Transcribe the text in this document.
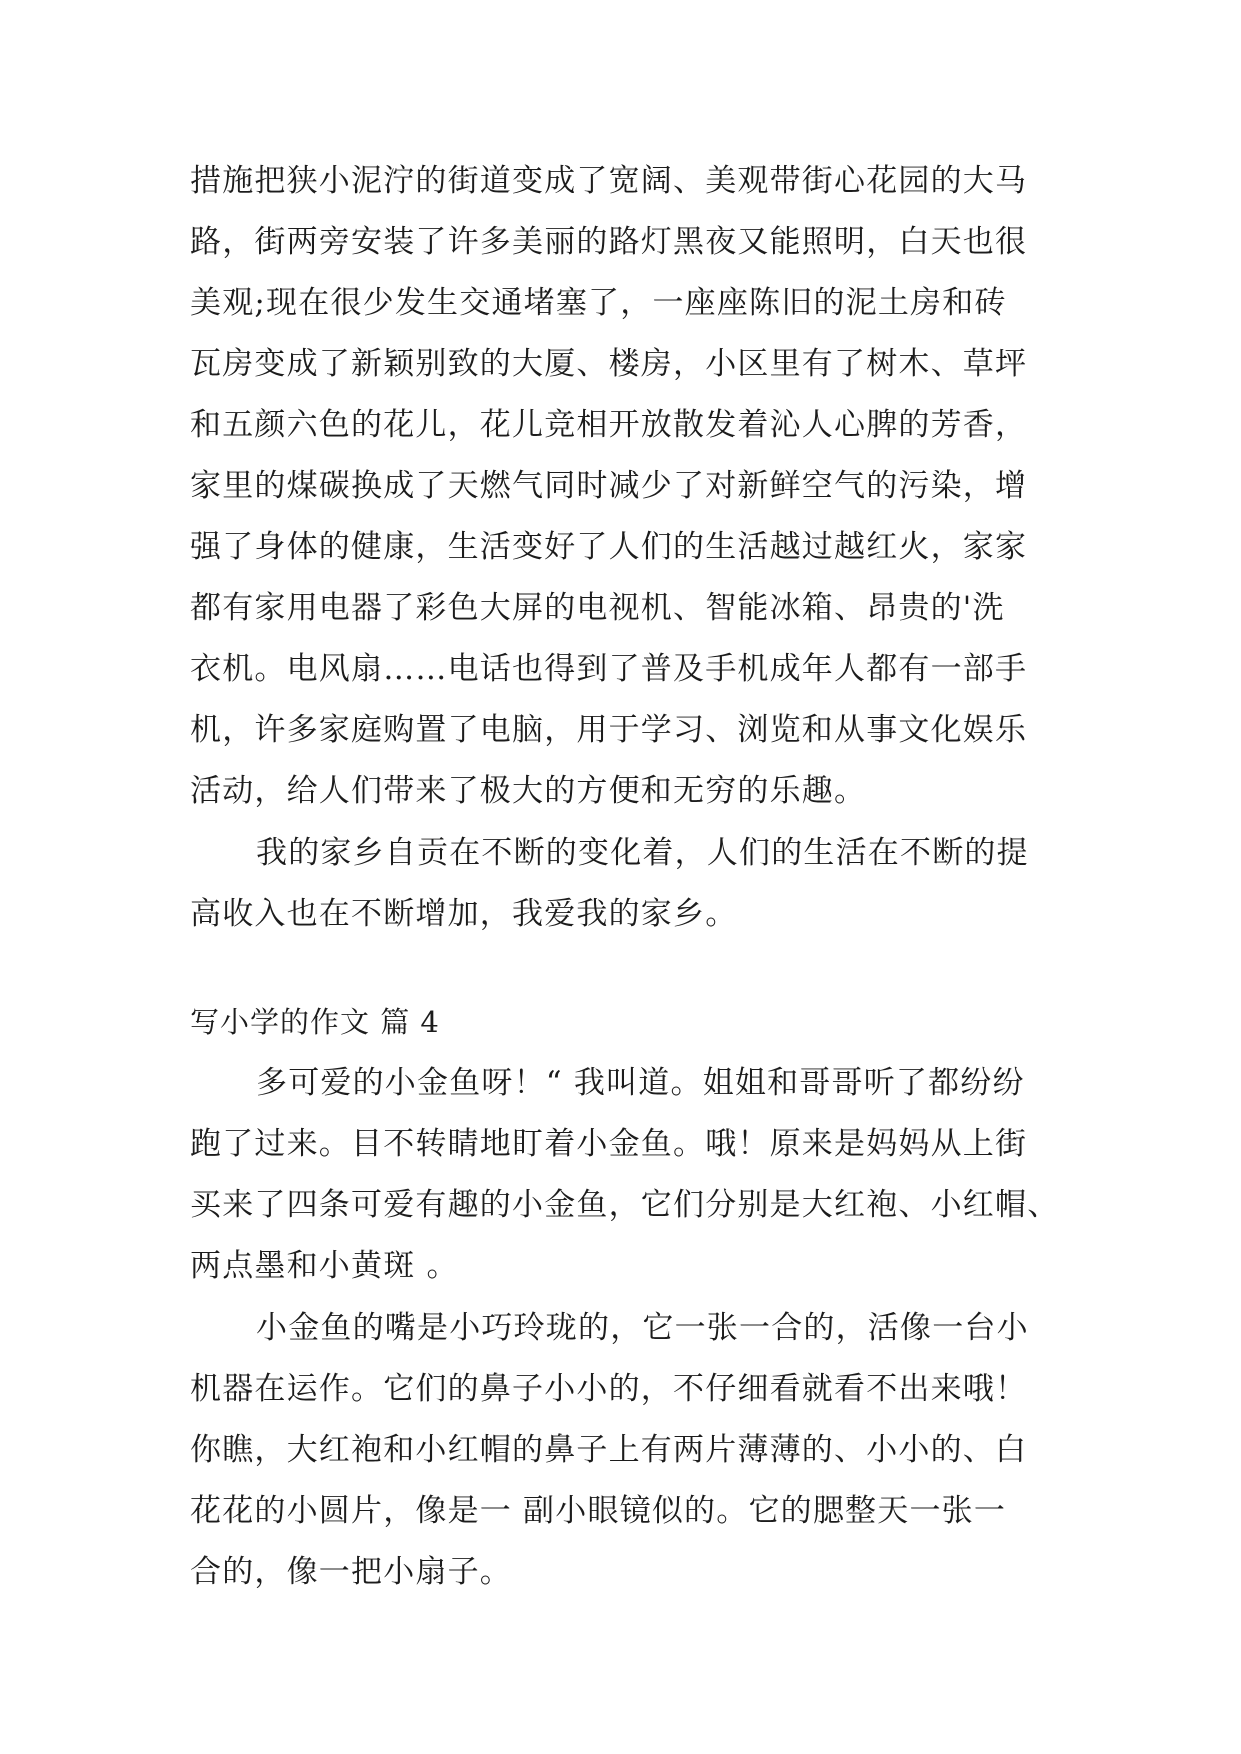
措施把狭小泥泞的街道变成了宽阔、美观带街心花园的大马
路，街两旁安装了许多美丽的路灯黑夜又能照明，白天也很
美观;现在很少发生交通堵塞了，一座座陈旧的泥土房和砖
瓦房变成了新颖别致的大厦、楼房，小区里有了树木、草坪
和五颜六色的花儿，花儿竞相开放散发着沁人心脾的芳香，
家里的煤碳换成了天燃气同时减少了对新鲜空气的污染，增
强了身体的健康，生活变好了人们的生活越过越红火，家家
都有家用电器了彩色大屏的电视机、智能冰箱、昂贵的'洗
衣机。电风扇……电话也得到了普及手机成年人都有一部手
机，许多家庭购置了电脑，用于学习、浏览和从事文化娱乐
活动，给人们带来了极大的方便和无穷的乐趣。
我的家乡自贡在不断的变化着，人们的生活在不断的提
高收入也在不断增加，我爱我的家乡。
写小学的作文 篇 4
多可爱的小金鱼呀！“ 我叫道。姐姐和哥哥听了都纷纷
跑了过来。目不转睛地盯着小金鱼。哦！原来是妈妈从上街
买来了四条可爱有趣的小金鱼，它们分别是大红袍、小红帽、
两点墨和小黄斑 。
小金鱼的嘴是小巧玲珑的，它一张一合的，活像一台小
机器在运作。它们的鼻子小小的，不仔细看就看不出来哦！
你瞧，大红袍和小红帽的鼻子上有两片薄薄的、小小的、白
花花的小圆片，像是一 副小眼镜似的。它的腮整天一张一
合的，像一把小扇子。
